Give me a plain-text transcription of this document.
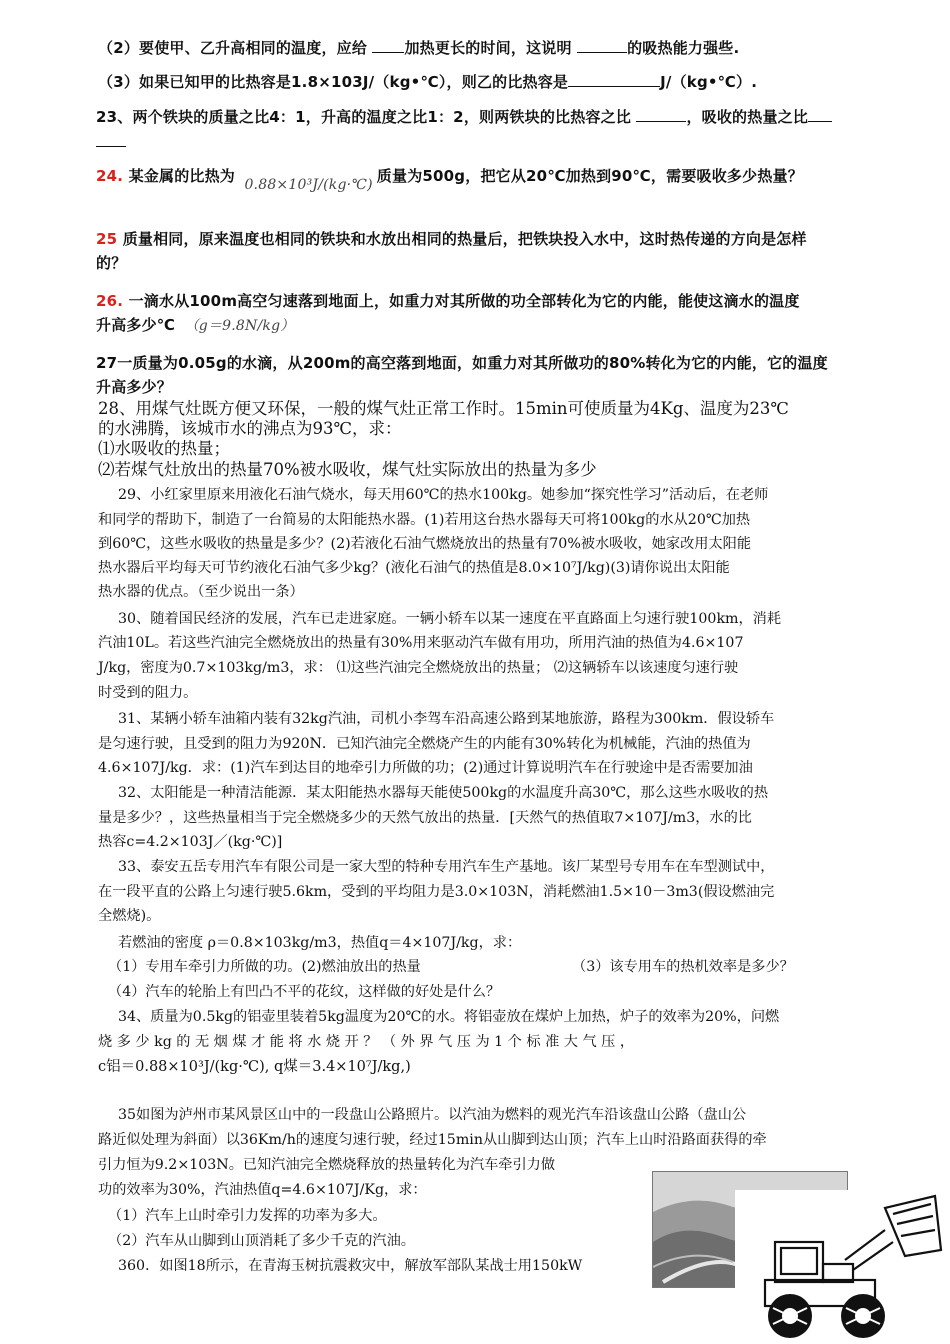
（2）要使甲、乙升高相同的温度，应给 加热更长的时间，这说明	的吸热能力强些.
（3）如果已知甲的比热容是1.8×103J/（kg•℃），则乙的比热容是	J/（kg•℃）.
23、两个铁块的质量之比4：1，升高的温度之比1：2，则两铁块的比热容之比	，吸收的热量之比
24. 某金属的比热为 0.88×10³J/(kg·℃) 质量为500g，把它从20℃加热到90℃，需要吸收多少热量？
25 质量相同，原来温度也相同的铁块和水放出相同的热量后，把铁块投入水中，这时热传递的方向是怎样
的？
26. 一滴水从100m高空匀速落到地面上，如重力对其所做的功全部转化为它的内能，能使这滴水的温度
升高多少℃ （g＝9.8N/kg）
27一质量为0.05g的水滴，从200m的高空落到地面，如重力对其所做功的80%转化为它的内能，它的温度
升高多少？
28、用煤气灶既方便又环保，一般的煤气灶正常工作时。15min可使质量为4Kg、温度为23℃
的水沸腾，该城市水的沸点为93℃，求：
⑴水吸收的热量；
⑵若煤气灶放出的热量70%被水吸收，煤气灶实际放出的热量为多少
29、小红家里原来用液化石油气烧水，每天用60℃的热水100kg。她参加“探究性学习”活动后，在老师
和同学的帮助下，制造了一台简易的太阳能热水器。(1)若用这台热水器每天可将100kg的水从20℃加热
到60℃，这些水吸收的热量是多少？(2)若液化石油气燃烧放出的热量有70%被水吸收，她家改用太阳能
热水器后平均每天可节约液化石油气多少kg？(液化石油气的热值是8.0×10⁷J/kg)(3)请你说出太阳能
热水器的优点。（至少说出一条）
30、随着国民经济的发展，汽车已走进家庭。一辆小轿车以某一速度在平直路面上匀速行驶100km，消耗
汽油10L。若这些汽油完全燃烧放出的热量有30%用来驱动汽车做有用功，所用汽油的热值为4.6×107
J/kg，密度为0.7×103kg/m3，求： ⑴这些汽油完全燃烧放出的热量； ⑵这辆轿车以该速度匀速行驶
时受到的阻力。
31、某辆小轿车油箱内装有32kg汽油，司机小李驾车沿高速公路到某地旅游，路程为300km．假设轿车
是匀速行驶，且受到的阻力为920N．已知汽油完全燃烧产生的内能有30%转化为机械能，汽油的热值为
4.6×107J/kg．求：(1)汽车到达目的地牵引力所做的功；(2)通过计算说明汽车在行驶途中是否需要加油
32、太阳能是一种清洁能源．某太阳能热水器每天能使500kg的水温度升高30℃，那么这些水吸收的热
量是多少？，这些热量相当于完全燃烧多少的天然气放出的热量．[天然气的热值取7×107J/m3，水的比
热容c=4.2×103J／(kg·℃)]
33、泰安五岳专用汽车有限公司是一家大型的特种专用汽车生产基地。该厂某型号专用车在车型测试中，
在一段平直的公路上匀速行驶5.6km，受到的平均阻力是3.0×103N，消耗燃油1.5×10－3m3(假设燃油完
全燃烧)。
若燃油的密度 ρ＝0.8×103kg/m3，热值q＝4×107J/kg，求：
（1）专用车牵引力所做的功。(2)燃油放出的热量	（3）该专用车的热机效率是多少？
（4）汽车的轮胎上有凹凸不平的花纹，这样做的好处是什么？
34、质量为0.5kg的铝壶里装着5kg温度为20℃的水。将铝壶放在煤炉上加热，炉子的效率为20%，问燃
烧 多 少 kg 的 无 烟 煤 才 能 将 水 烧 开 ？ （ 外 界 气 压 为 1 个 标 准 大 气 压 ，
c铝＝0.88×10³J/(kg·℃), q煤＝3.4×10⁷J/kg,)
35如图为泸州市某风景区山中的一段盘山公路照片。以汽油为燃料的观光汽车沿该盘山公路（盘山公
路近似处理为斜面）以36Km/h的速度匀速行驶，经过15min从山脚到达山顶；汽车上山时沿路面获得的牵
引力恒为9.2×103N。已知汽油完全燃烧释放的热量转化为汽车牵引力做
功的效率为30%，汽油热值q=4.6×107J/Kg，求：
（1）汽车上山时牵引力发挥的功率为多大。
（2）汽车从山脚到山顶消耗了多少千克的汽油。
360．如图18所示，在青海玉树抗震救灾中，解放军部队某战士用150kW
